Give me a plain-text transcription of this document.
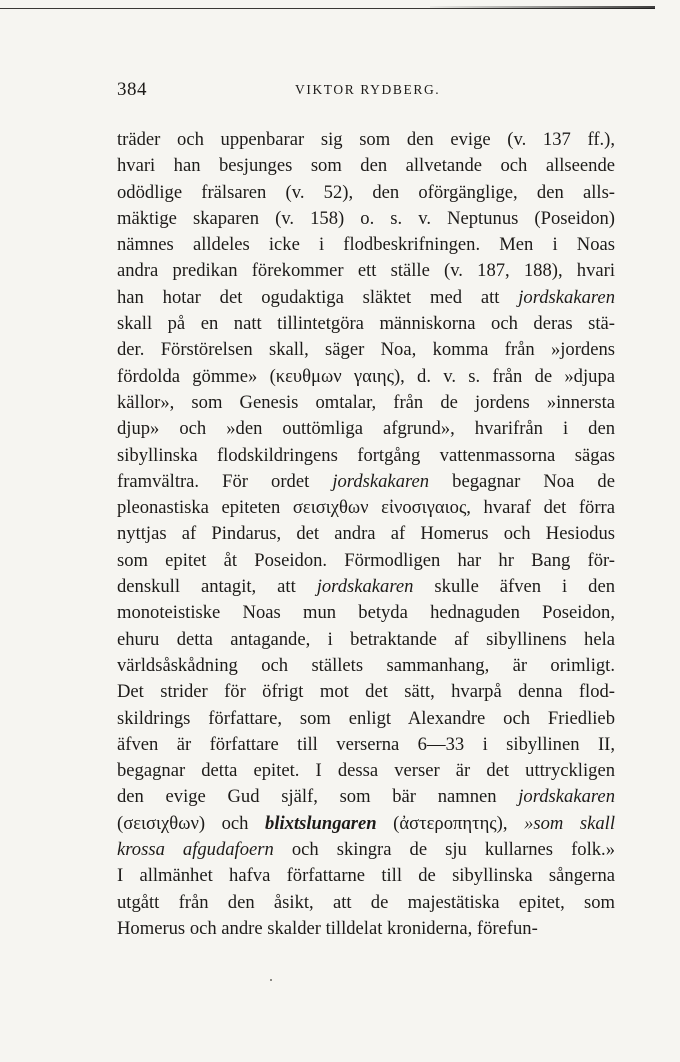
384	VIKTOR RYDBERG.
träder och uppenbarar sig som den evige (v. 137 ff.),
hvari han besjunges som den allvetande och allseende
odödlige frälsaren (v. 52), den oförgänglige, den alls-
mäktige skaparen (v. 158) o. s. v. Neptunus (Poseidon)
nämnes alldeles icke i flodbeskrifningen. Men i Noas
andra predikan förekommer ett ställe (v. 187, 188), hvari
han hotar det ogudaktiga släktet med att jordskakaren
skall på en natt tillintetgöra människorna och deras stä-
der. Förstörelsen skall, säger Noa, komma från »jordens
fördolda gömme» (κευθμων γαιης), d. v. s. från de »djupa
källor», som Genesis omtalar, från de jordens »innersta
djup» och »den outtömliga afgrund», hvarifrån i den
sibyllinska flodskildringens fortgång vattenmassorna sägas
framvältra. För ordet jordskakaren begagnar Noa de
pleonastiska epiteten σεισιχθων εἰνοσιγαιος, hvaraf det förra
nyttjas af Pindarus, det andra af Homerus och Hesiodus
som epitet åt Poseidon. Förmodligen har hr Bang för-
denskull antagit, att jordskakaren skulle äfven i den
monoteistiske Noas mun betyda hednaguden Poseidon,
ehuru detta antagande, i betraktande af sibyllinens hela
världsåskådning och ställets sammanhang, är orimligt.
Det strider för öfrigt mot det sätt, hvarpå denna flod-
skildrings författare, som enligt Alexandre och Friedlieb
äfven är författare till verserna 6—33 i sibyllinen II,
begagnar detta epitet. I dessa verser är det uttryckligen
den evige Gud själf, som bär namnen jordskakaren
(σεισιχθων) och blixtslungaren (ἀστεροπητης), »som skall
krossa afgudafoern och skingra de sju kullarnes folk.»
I allmänhet hafva författarne till de sibyllinska sångerna
utgått från den åsikt, att de majestätiska epitet, som
Homerus och andre skalder tilldelat kroniderna, förefun-
